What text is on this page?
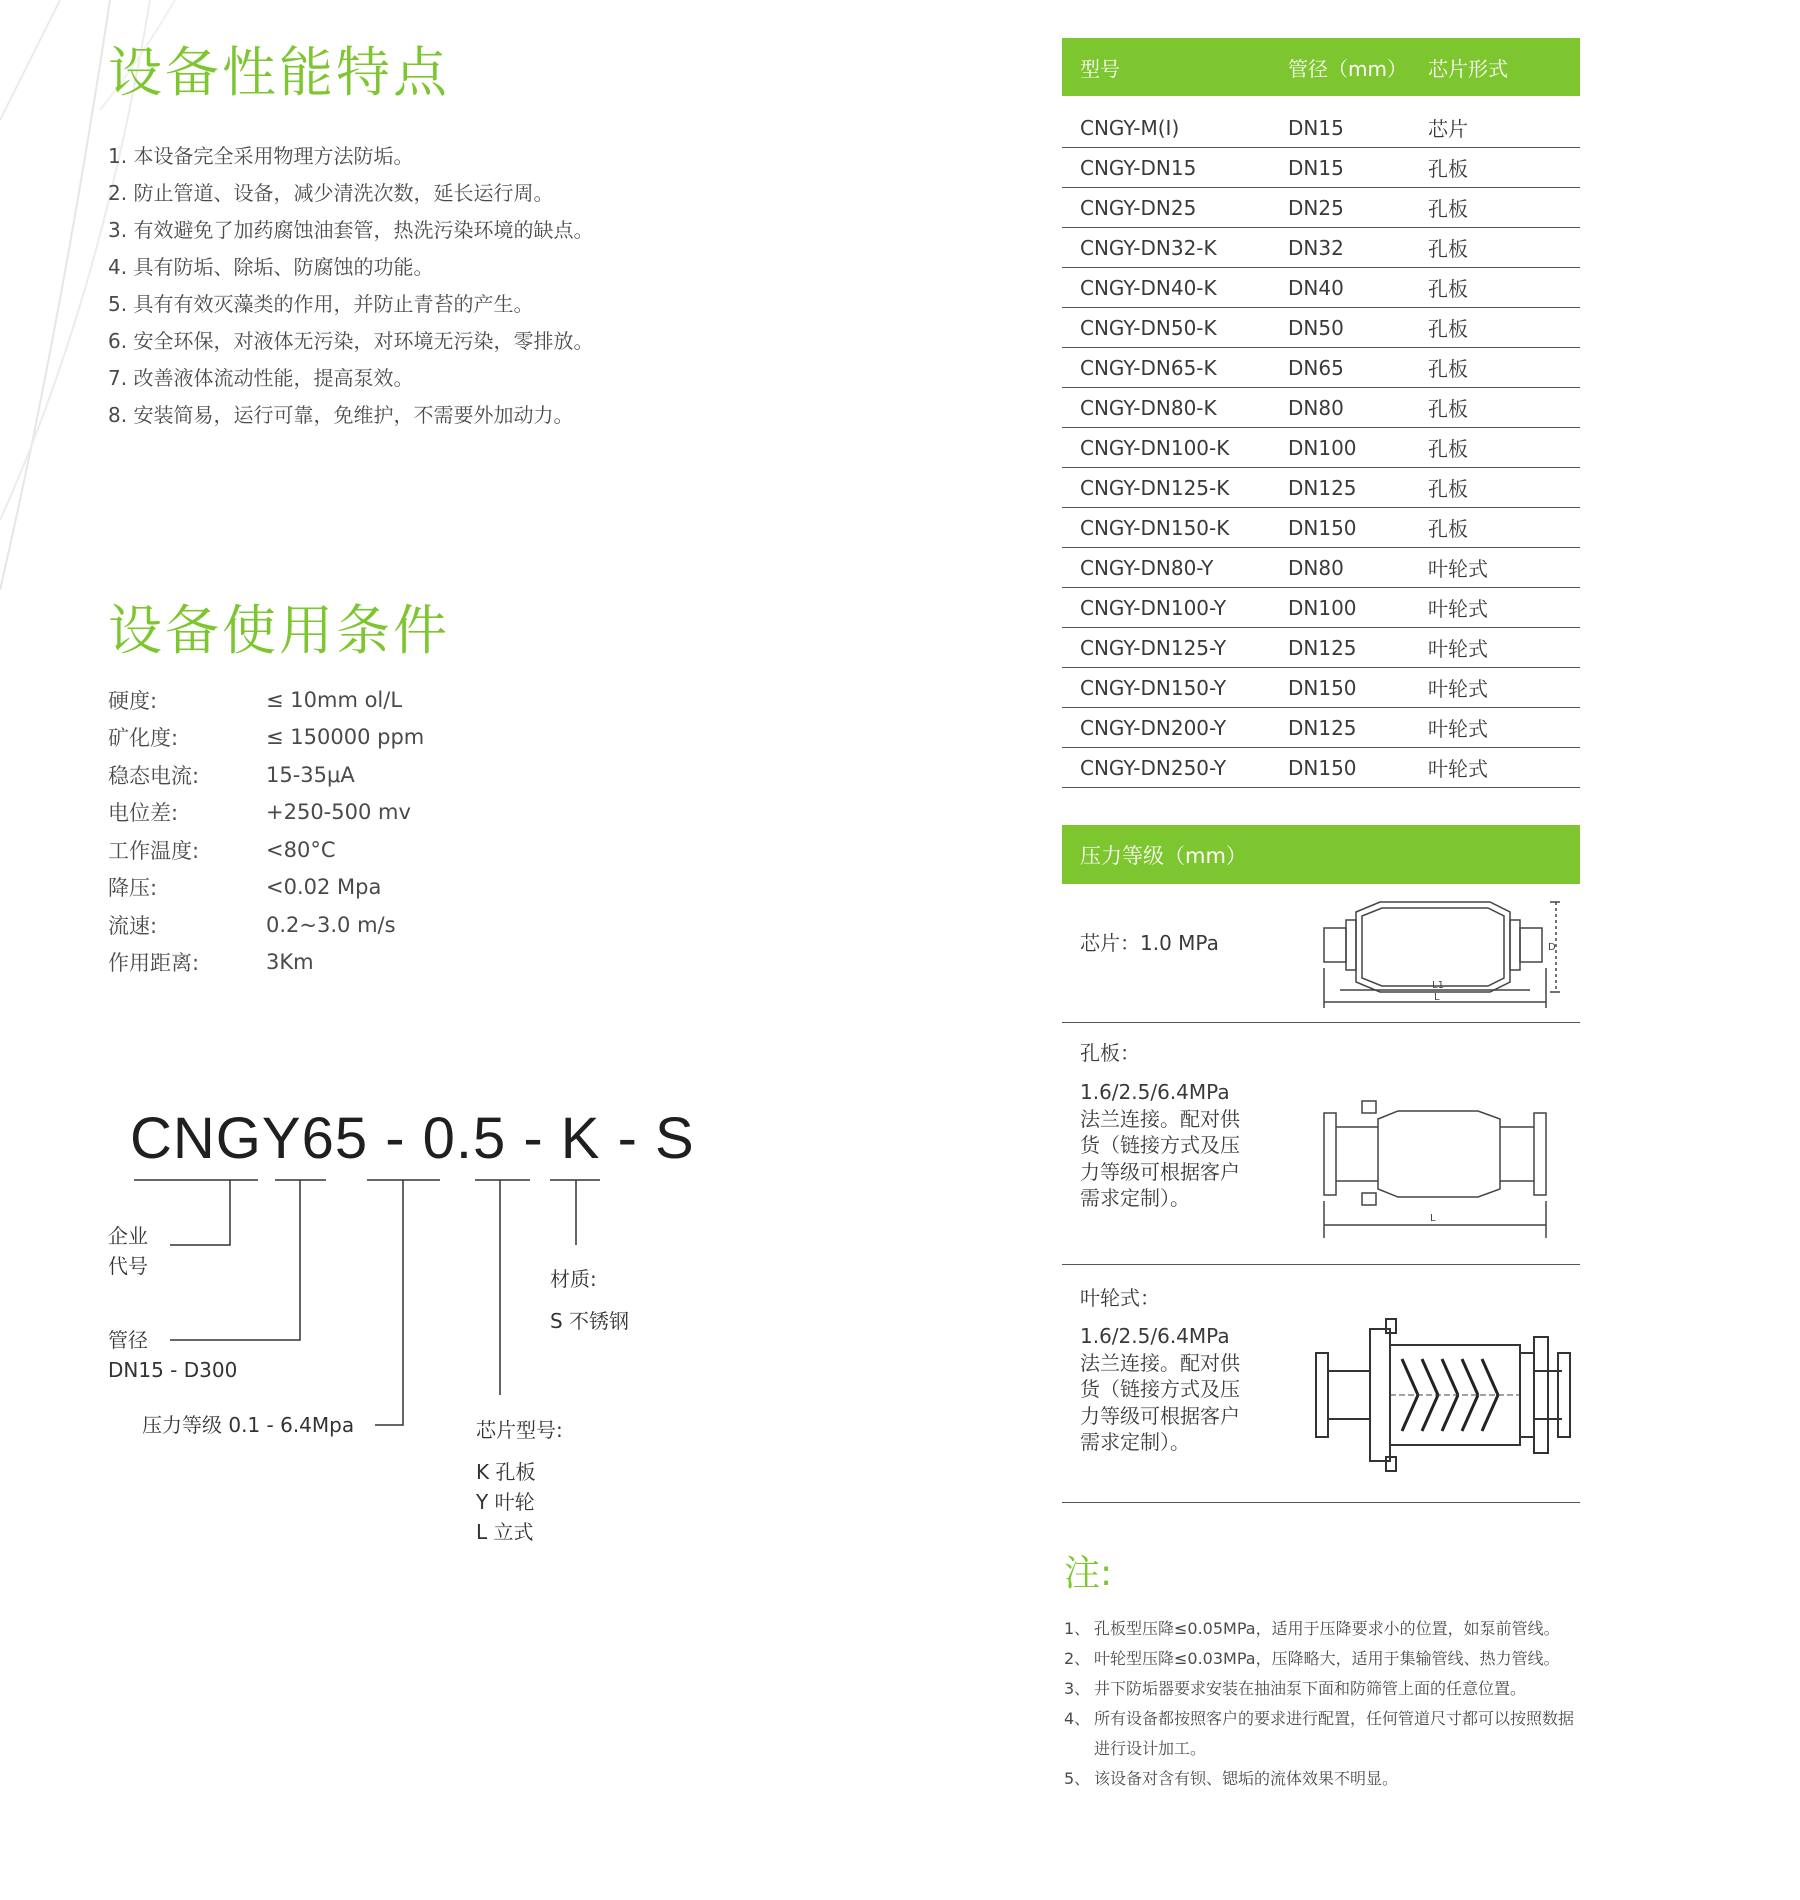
设备性能特点
1. 本设备完全采用物理方法防垢。
2. 防止管道、设备，减少清洗次数，延长运行周。
3. 有效避免了加药腐蚀油套管，热洗污染环境的缺点。
4. 具有防垢、除垢、防腐蚀的功能。
5. 具有有效灭藻类的作用，并防止青苔的产生。
6. 安全环保，对液体无污染，对环境无污染，零排放。
7. 改善液体流动性能，提高泵效。
8. 安装简易，运行可靠，免维护，不需要外加动力。
设备使用条件
硬度:	≤ 10mm ol/L
矿化度:	≤ 150000 ppm
稳态电流:	15-35μA
电位差:	+250-500 mv
工作温度:	<80°C
降压:	<0.02 Mpa
流速:	0.2~3.0 m/s
作用距离:	3Km
CNGY65 - 0.5 - K - S
企业
代号
管径
DN15 - D300
压力等级 0.1 - 6.4Mpa
材质:
S 不锈钢
芯片型号:
K 孔板
Y 叶轮
L 立式
型号	管径（mm）	芯片形式
CNGY-M(I)	DN15	芯片
CNGY-DN15	DN15	孔板
CNGY-DN25	DN25	孔板
CNGY-DN32-K	DN32	孔板
CNGY-DN40-K	DN40	孔板
CNGY-DN50-K	DN50	孔板
CNGY-DN65-K	DN65	孔板
CNGY-DN80-K	DN80	孔板
CNGY-DN100-K	DN100	孔板
CNGY-DN125-K	DN125	孔板
CNGY-DN150-K	DN150	孔板
CNGY-DN80-Y	DN80	叶轮式
CNGY-DN100-Y	DN100	叶轮式
CNGY-DN125-Y	DN125	叶轮式
CNGY-DN150-Y	DN150	叶轮式
CNGY-DN200-Y	DN125	叶轮式
CNGY-DN250-Y	DN150	叶轮式
压力等级（mm）
芯片：1.0 MPa
L1
L
D
孔板：
1.6/2.5/6.4MPa 法兰连接。配对供货（链接方式及压力等级可根据客户需求定制）。
L
叶轮式：
1.6/2.5/6.4MPa 法兰连接。配对供货（链接方式及压力等级可根据客户需求定制）。
注:
1、 孔板型压降≤0.05MPa，适用于压降要求小的位置，如泵前管线。
2、 叶轮型压降≤0.03MPa，压降略大，适用于集输管线、热力管线。
3、 井下防垢器要求安装在抽油泵下面和防筛管上面的任意位置。
4、 所有设备都按照客户的要求进行配置，任何管道尺寸都可以按照数据进行设计加工。
5、 该设备对含有钡、锶垢的流体效果不明显。
